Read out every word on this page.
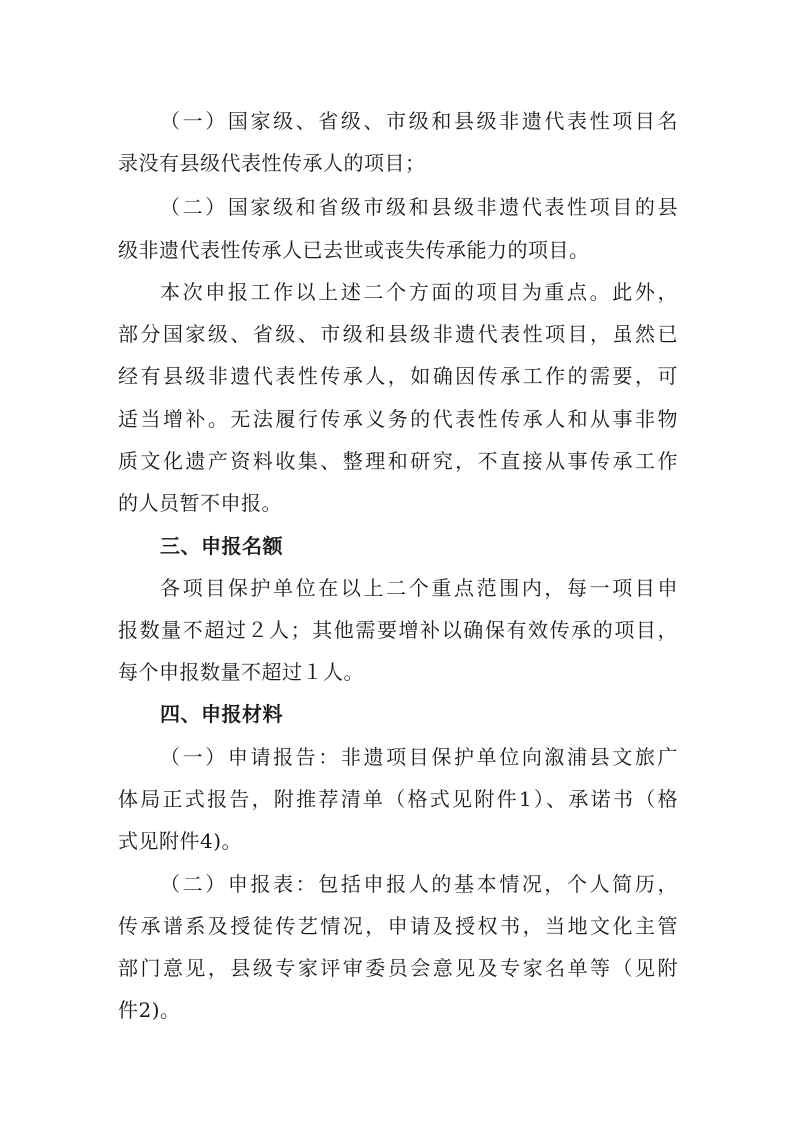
（一）国家级、省级、市级和县级非遗代表性项目名
录没有县级代表性传承人的项目；
（二）国家级和省级市级和县级非遗代表性项目的县
级非遗代表性传承人已去世或丧失传承能力的项目。
本次申报工作以上述二个方面的项目为重点。此外，
部分国家级、省级、市级和县级非遗代表性项目，虽然已
经有县级非遗代表性传承人，如确因传承工作的需要，可
适当增补。无法履行传承义务的代表性传承人和从事非物
质文化遗产资料收集、整理和研究，不直接从事传承工作
的人员暂不申报。
三、申报名额
各项目保护单位在以上二个重点范围内，每一项目申
报数量不超过２人；其他需要增补以确保有效传承的项目，
每个申报数量不超过１人。
四、申报材料
（一）申请报告：非遗项目保护单位向溆浦县文旅广
体局正式报告，附推荐清单（格式见附件1）、承诺书（格
式见附件4)。
（二）申报表：包括申报人的基本情况，个人简历，
传承谱系及授徒传艺情况，申请及授权书，当地文化主管
部门意见，县级专家评审委员会意见及专家名单等（见附
件2)。
